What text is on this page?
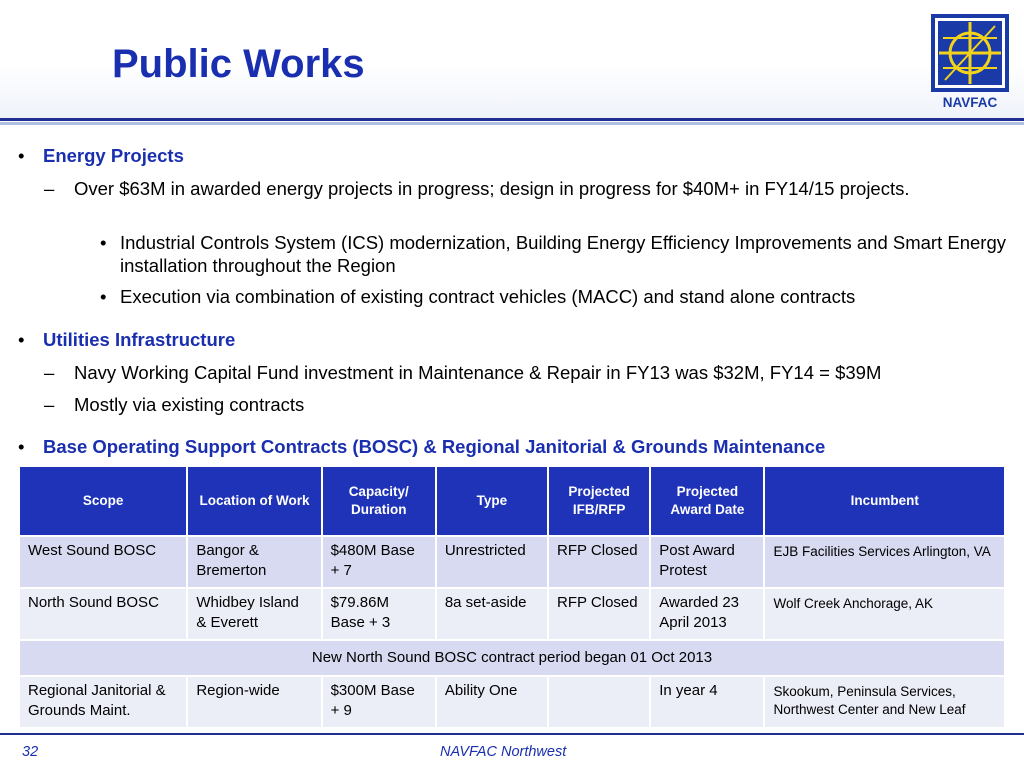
Public Works
NAVFAC
• Energy Projects
– Over $63M in awarded energy projects in progress; design in progress for $40M+ in FY14/15 projects.
• Industrial Controls System (ICS) modernization, Building Energy Efficiency Improvements and Smart Energy installation throughout the Region
• Execution via combination of existing contract vehicles (MACC) and stand alone contracts
• Utilities Infrastructure
– Navy Working Capital Fund investment in Maintenance & Repair in FY13 was $32M, FY14 = $39M
– Mostly via existing contracts
• Base Operating Support Contracts (BOSC) & Regional Janitorial & Grounds Maintenance
Scope	Location of Work	Capacity/ Duration	Type	Projected IFB/RFP	Projected Award Date	Incumbent
West Sound BOSC	Bangor & Bremerton	$480M Base + 7	Unrestricted	RFP Closed	Post Award Protest	EJB Facilities Services Arlington, VA
North Sound BOSC	Whidbey Island & Everett	$79.86M Base + 3	8a set-aside	RFP Closed	Awarded 23 April 2013	Wolf Creek Anchorage, AK
New North Sound BOSC contract period began 01 Oct 2013						
Regional Janitorial & Grounds Maint.	Region-wide	$300M Base + 9	Ability One		In year 4	Skookum, Peninsula Services, Northwest Center and New Leaf
32	NAVFAC Northwest
